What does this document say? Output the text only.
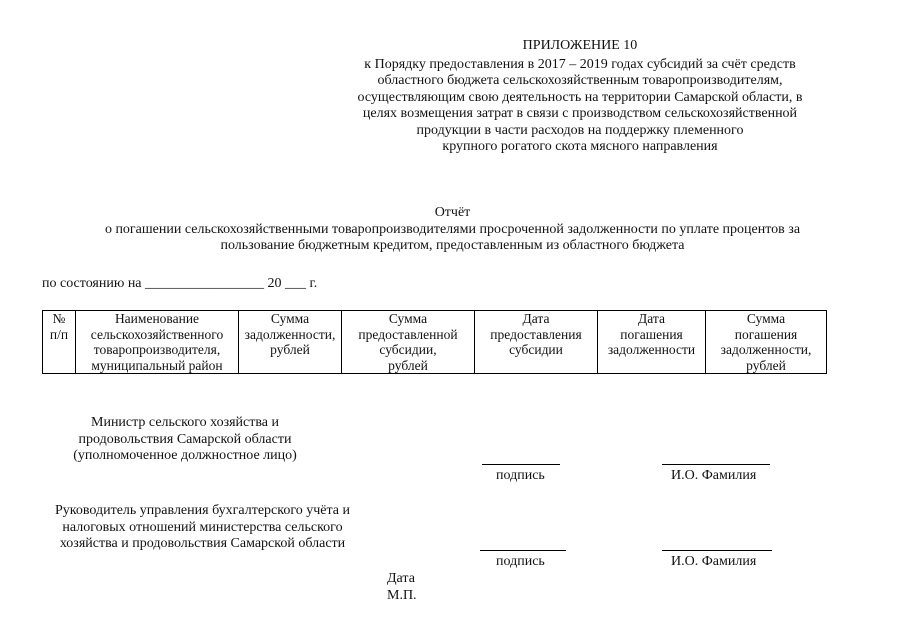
ПРИЛОЖЕНИЕ 10
к Порядку предоставления в 2017 – 2019 годах субсидий за счёт средств
областного бюджета сельскохозяйственным товаропроизводителям,
осуществляющим свою деятельность на территории Самарской области, в
целях возмещения затрат в связи с производством сельскохозяйственной
продукции в части расходов на поддержку племенного
крупного рогатого скота мясного направления
Отчёт
о погашении сельскохозяйственными товаропроизводителями просроченной задолженности по уплате процентов за
пользование бюджетным кредитом, предоставленным из областного бюджета
по состоянию на _________________ 20 ___ г.
№
п/п

Наименование
сельскохозяйственного
товаропроизводителя,
муниципальный район

Сумма
задолженности,
рублей

Сумма
предоставленной
субсидии,
рублей

Дата
предоставления
субсидии

Дата
погашения
задолженности

Сумма
погашения
задолженности,
рублей
Министр сельского хозяйства и
продовольствия Самарской области
(уполномоченное должностное лицо)
подпись	И.О. Фамилия
Руководитель управления бухгалтерского учёта и
налоговых отношений министерства сельского
хозяйства и продовольствия Самарской области
подпись	И.О. Фамилия
Дата
М.П.
